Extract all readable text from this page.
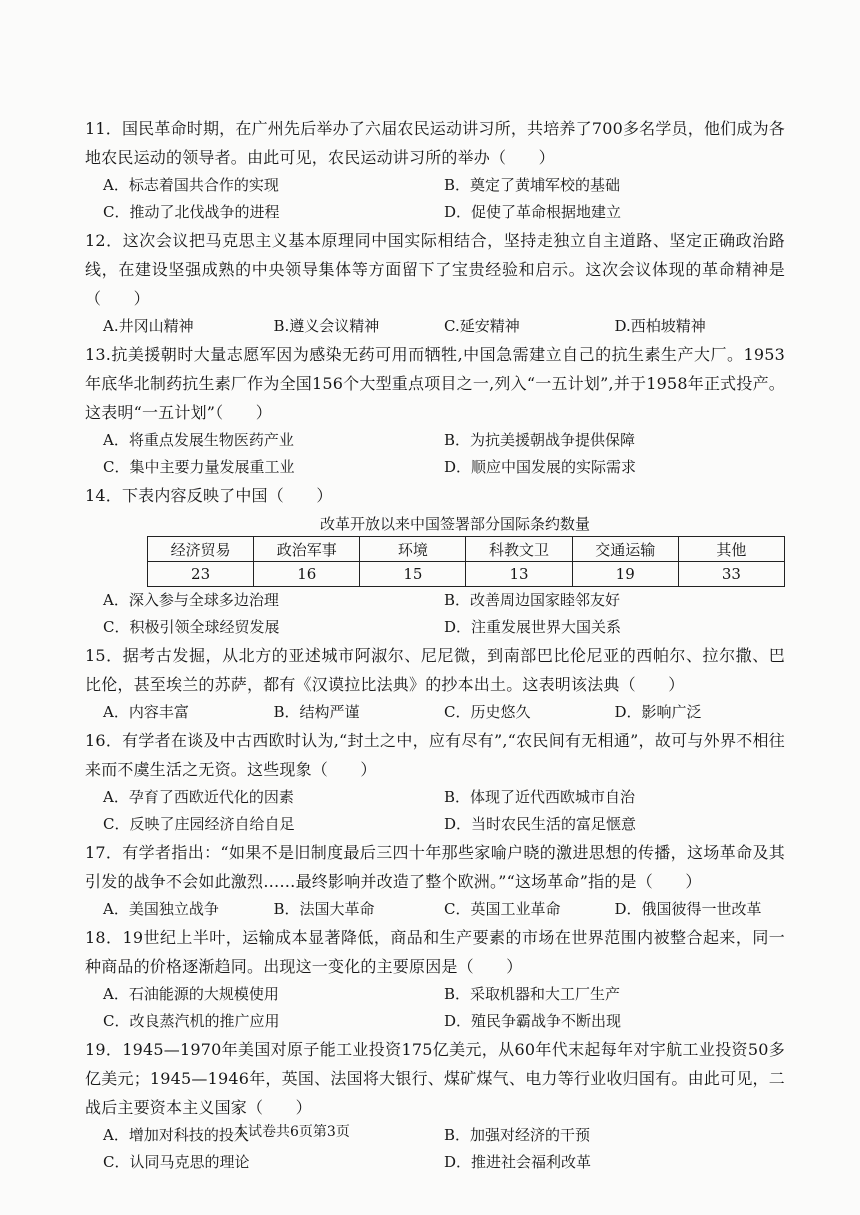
11．国民革命时期，在广州先后举办了六届农民运动讲习所，共培养了700多名学员，他们成为各地农民运动的领导者。由此可见，农民运动讲习所的举办（　　）
A．标志着国共合作的实现	B．奠定了黄埔军校的基础
C．推动了北伐战争的进程	D．促使了革命根据地建立
12．这次会议把马克思主义基本原理同中国实际相结合，坚持走独立自主道路、坚定正确政治路线，在建设坚强成熟的中央领导集体等方面留下了宝贵经验和启示。这次会议体现的革命精神是（　　）
A.井冈山精神	B.遵义会议精神	C.延安精神	D.西柏坡精神
13.抗美援朝时大量志愿军因为感染无药可用而牺牲,中国急需建立自己的抗生素生产大厂。1953年底华北制药抗生素厂作为全国156个大型重点项目之一,列入“一五计划”,并于1958年正式投产。这表明“一五计划”（　　）
A．将重点发展生物医药产业	B．为抗美援朝战争提供保障
C．集中主要力量发展重工业	D．顺应中国发展的实际需求
14．下表内容反映了中国（　　）
改革开放以来中国签署部分国际条约数量
经济贸易	政治军事	环境	科教文卫	交通运输	其他
23	16	15	13	19	33
A．深入参与全球多边治理	B．改善周边国家睦邻友好
C．积极引领全球经贸发展	D．注重发展世界大国关系
15．据考古发掘，从北方的亚述城市阿淑尔、尼尼微，到南部巴比伦尼亚的西帕尔、拉尔撒、巴比伦，甚至埃兰的苏萨，都有《汉谟拉比法典》的抄本出土。这表明该法典（　　）
A．内容丰富	B．结构严谨	C．历史悠久	D．影响广泛
16．有学者在谈及中古西欧时认为,“封土之中，应有尽有”,“农民间有无相通”，故可与外界不相往来而不虞生活之无资。这些现象（　　）
A．孕育了西欧近代化的因素	B．体现了近代西欧城市自治
C．反映了庄园经济自给自足	D．当时农民生活的富足惬意
17．有学者指出：“如果不是旧制度最后三四十年那些家喻户晓的激进思想的传播，这场革命及其引发的战争不会如此激烈……最终影响并改造了整个欧洲。”“这场革命”指的是（　　）
A．美国独立战争	B．法国大革命	C．英国工业革命	D．俄国彼得一世改革
18．19世纪上半叶，运输成本显著降低，商品和生产要素的市场在世界范围内被整合起来，同一种商品的价格逐渐趋同。出现这一变化的主要原因是（　　）
A．石油能源的大规模使用	B．采取机器和大工厂生产
C．改良蒸汽机的推广应用	D．殖民争霸战争不断出现
19．1945—1970年美国对原子能工业投资175亿美元，从60年代末起每年对宇航工业投资50多亿美元；1945—1946年，英国、法国将大银行、煤矿煤气、电力等行业收归国有。由此可见，二战后主要资本主义国家（　　）
A．增加对科技的投入	B．加强对经济的干预
C．认同马克思的理论	D．推进社会福利改革
本试卷共6页第3页
